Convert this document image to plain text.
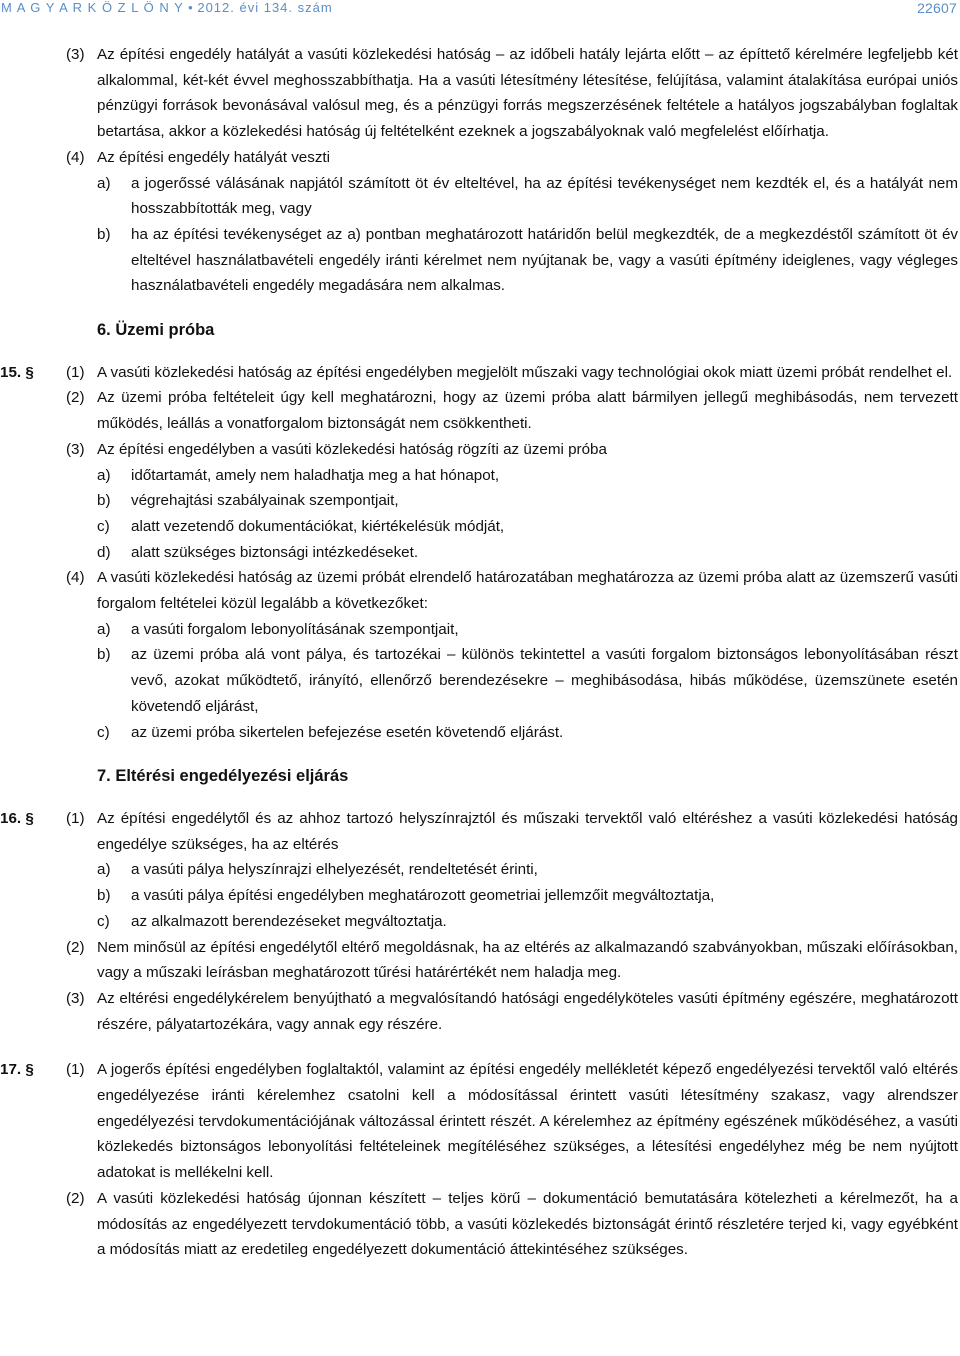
M A G Y A R K Ö Z L Ö N Y • 2012. évi 134. szám	22607
(3) Az építési engedély hatályát a vasúti közlekedési hatóság – az időbeli hatály lejárta előtt – az építtető kérelmére legfeljebb két alkalommal, két-két évvel meghosszabbíthatja. Ha a vasúti létesítmény létesítése, felújítása, valamint átalakítása európai uniós pénzügyi források bevonásával valósul meg, és a pénzügyi forrás megszerzésének feltétele a hatályos jogszabályban foglaltak betartása, akkor a közlekedési hatóság új feltételként ezeknek a jogszabályoknak való megfelelést előírhatja.
(4) Az építési engedély hatályát veszti
a) a jogerőssé válásának napjától számított öt év elteltével, ha az építési tevékenységet nem kezdték el, és a hatályát nem hosszabbították meg, vagy
b) ha az építési tevékenységet az a) pontban meghatározott határidőn belül megkezdték, de a megkezdéstől számított öt év elteltével használatbavételi engedély iránti kérelmet nem nyújtanak be, vagy a vasúti építmény ideiglenes, vagy végleges használatbavételi engedély megadására nem alkalmas.
6. Üzemi próba
15. § (1) A vasúti közlekedési hatóság az építési engedélyben megjelölt műszaki vagy technológiai okok miatt üzemi próbát rendelhet el.
(2) Az üzemi próba feltételeit úgy kell meghatározni, hogy az üzemi próba alatt bármilyen jellegű meghibásodás, nem tervezett működés, leállás a vonatforgalom biztonságát nem csökkentheti.
(3) Az építési engedélyben a vasúti közlekedési hatóság rögzíti az üzemi próba
a) időtartamát, amely nem haladhatja meg a hat hónapot,
b) végrehajtási szabályainak szempontjait,
c) alatt vezetendő dokumentációkat, kiértékelésük módját,
d) alatt szükséges biztonsági intézkedéseket.
(4) A vasúti közlekedési hatóság az üzemi próbát elrendelő határozatában meghatározza az üzemi próba alatt az üzemszerű vasúti forgalom feltételei közül legalább a következőket:
a) a vasúti forgalom lebonyolításának szempontjait,
b) az üzemi próba alá vont pálya, és tartozékai – különös tekintettel a vasúti forgalom biztonságos lebonyolításában részt vevő, azokat működtető, irányító, ellenőrző berendezésekre – meghibásodása, hibás működése, üzemszünete esetén követendő eljárást,
c) az üzemi próba sikertelen befejezése esetén követendő eljárást.
7. Eltérési engedélyezési eljárás
16. § (1) Az építési engedélytől és az ahhoz tartozó helyszínrajztól és műszaki tervektől való eltéréshez a vasúti közlekedési hatóság engedélye szükséges, ha az eltérés
a) a vasúti pálya helyszínrajzi elhelyezését, rendeltetését érinti,
b) a vasúti pálya építési engedélyben meghatározott geometriai jellemzőit megváltoztatja,
c) az alkalmazott berendezéseket megváltoztatja.
(2) Nem minősül az építési engedélytől eltérő megoldásnak, ha az eltérés az alkalmazandó szabványokban, műszaki előírásokban, vagy a műszaki leírásban meghatározott tűrési határértékét nem haladja meg.
(3) Az eltérési engedélykérelem benyújtható a megvalósítandó hatósági engedélyköteles vasúti építmény egészére, meghatározott részére, pályatartozékára, vagy annak egy részére.
17. § (1) A jogerős építési engedélyben foglaltaktól, valamint az építési engedély mellékletét képező engedélyezési tervektől való eltérés engedélyezése iránti kérelemhez csatolni kell a módosítással érintett vasúti létesítmény szakasz, vagy alrendszer engedélyezési tervdokumentációjának változással érintett részét. A kérelemhez az építmény egészének működéséhez, a vasúti közlekedés biztonságos lebonyolítási feltételeinek megítéléséhez szükséges, a létesítési engedélyhez még be nem nyújtott adatokat is mellékelni kell.
(2) A vasúti közlekedési hatóság újonnan készített – teljes körű – dokumentáció bemutatására kötelezheti a kérelmezőt, ha a módosítás az engedélyezett tervdokumentáció több, a vasúti közlekedés biztonságát érintő részletére terjed ki, vagy egyébként a módosítás miatt az eredetileg engedélyezett dokumentáció áttekintéséhez szükséges.
